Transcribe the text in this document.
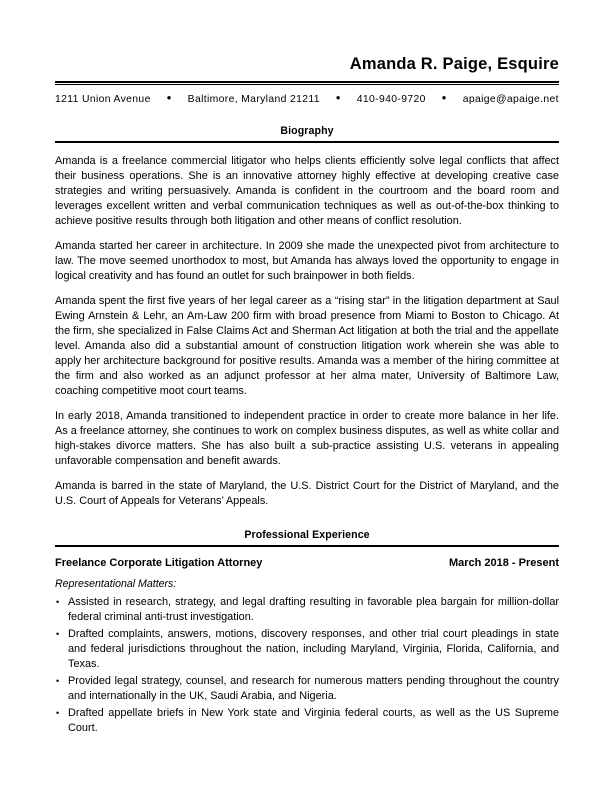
Amanda R. Paige, Esquire
1211 Union Avenue ● Baltimore, Maryland 21211 ● 410-940-9720 ● apaige@apaige.net
Biography

Amanda is a freelance commercial litigator who helps clients efficiently solve legal conflicts that affect their business operations. She is an innovative attorney highly effective at developing creative case strategies and writing persuasively. Amanda is confident in the courtroom and the board room and leverages excellent written and verbal communication techniques as well as out-of-the-box thinking to achieve positive results through both litigation and other means of conflict resolution.

Amanda started her career in architecture. In 2009 she made the unexpected pivot from architecture to law. The move seemed unorthodox to most, but Amanda has always loved the opportunity to engage in logical creativity and has found an outlet for such brainpower in both fields.

Amanda spent the first five years of her legal career as a “rising star” in the litigation department at Saul Ewing Arnstein & Lehr, an Am-Law 200 firm with broad presence from Miami to Boston to Chicago. At the firm, she specialized in False Claims Act and Sherman Act litigation at both the trial and the appellate level. Amanda also did a substantial amount of construction litigation work wherein she was able to apply her architecture background for positive results. Amanda was a member of the hiring committee at the firm and also worked as an adjunct professor at her alma mater, University of Baltimore Law, coaching competitive moot court teams.

In early 2018, Amanda transitioned to independent practice in order to create more balance in her life. As a freelance attorney, she continues to work on complex business disputes, as well as white collar and high-stakes divorce matters. She has also built a sub-practice assisting U.S. veterans in appealing unfavorable compensation and benefit awards.

Amanda is barred in the state of Maryland, the U.S. District Court for the District of Maryland, and the U.S. Court of Appeals for Veterans’ Appeals.

Professional Experience
Freelance Corporate Litigation Attorney	March 2018 - Present
Representational Matters:
• Assisted in research, strategy, and legal drafting resulting in favorable plea bargain for million-dollar federal criminal anti-trust investigation.
• Drafted complaints, answers, motions, discovery responses, and other trial court pleadings in state and federal jurisdictions throughout the nation, including Maryland, Virginia, Florida, California, and Texas.
• Provided legal strategy, counsel, and research for numerous matters pending throughout the country and internationally in the UK, Saudi Arabia, and Nigeria.
• Drafted appellate briefs in New York state and Virginia federal courts, as well as the US Supreme Court.
